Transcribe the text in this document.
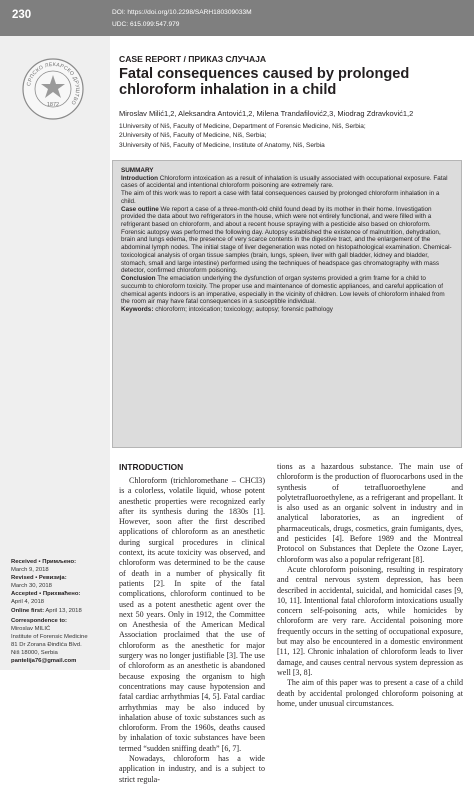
230	DOI: https://doi.org/10.2298/SARH180309033M
UDC: 615.099:547.979
СРПСКО ЛЕКАРСКО ДРУШТВО
1872
Received • Примљено:
March 9, 2018
Revised • Ревизија:
March 30, 2018
Accepted • Прихваћено:
April 4, 2018
Online first: April 13, 2018
Correspondence to:
Miroslav MILIĆ
Institute of Forensic Medicine
81 Dr Zorana Đinđića Blvd.
Niš 18000, Serbia
pantelija76@gmail.com
CASE REPORT / ПРИКАЗ СЛУЧАЈА
Fatal consequences caused by prolonged chloroform inhalation in a child
Miroslav Milić1,2, Aleksandra Antović1,2, Milena Trandafilović2,3, Miodrag Zdravković1,2
1University of Niš, Faculty of Medicine, Department of Forensic Medicine, Niš, Serbia;
2University of Niš, Faculty of Medicine, Niš, Serbia;
3University of Niš, Faculty of Medicine, Institute of Anatomy, Niš, Serbia

SUMMARY

Introduction Chloroform intoxication as a result of inhalation is usually associated with occupational exposure. Fatal cases of accidental and intentional chloroform poisoning are extremely rare.

The aim of this work was to report a case with fatal consequences caused by prolonged chloroform inhalation in a child.

Case outline We report a case of a three-month-old child found dead by its mother in their home. Investigation provided the data about two refrigerators in the house, which were not entirely functional, and were filled with a refrigerant based on chloroform, and about a recent house spraying with a pesticide also based on chloroform. Forensic autopsy was performed the following day. Autopsy established the existence of malnutrition, dehydration, brain and lungs edema, the presence of very scarce contents in the digestive tract, and the enlargement of the abdominal lymph nodes. The initial stage of liver degeneration was noted on histopathological examination. Chemical-toxicological analysis of organ tissue samples (brain, lungs, spleen, liver with gall bladder, kidney and bladder, stomach, small and large intestine) performed using the techniques of headspace gas chromatography with mass detector, confirmed chloroform poisoning.

Conclusion The emaciation underlying the dysfunction of organ systems provided a grim frame for a child to succumb to chloroform toxicity. The proper use and maintenance of domestic appliances, and careful application of chemical agents indoors is an imperative, especially in the vicinity of children. Low levels of chloroform inhaled from the room air may have fatal consequences in a susceptible individual.

Keywords: chloroform; intoxication; toxicology; autopsy; forensic pathology

INTRODUCTION

Chloroform (trichloromethane – CHCl3) is a colorless, volatile liquid, whose potent anesthetic properties were recognized early after its synthesis during the 1830s [1]. However, soon after the first described applications of chloroform as an anesthetic during surgical procedures in clinical context, its acute toxicity was observed, and chloroform was determined to be the cause of death in a number of physically fit patients [2]. In spite of the fatal complications, chloroform continued to be used as a potent anesthetic agent over the next 50 years. Only in 1912, the Committee on Anesthesia of the American Medical Association proclaimed that the use of chloroform as the anesthetic for major surgery was no longer justifiable [3]. The use of chloroform as an anesthetic is abandoned because exposing the organism to high concentrations may cause hypotension and fatal cardiac arrhythmias [4, 5]. Fatal cardiac arrhythmias may be also induced by inhalation abuse of toxic substances such as chloroform. From the 1960s, deaths caused by inhalation of toxic substances have been termed “sudden sniffing death” [6, 7].

Nowadays, chloroform has a wide application in industry, and is a subject to strict regula-

tions as a hazardous substance. The main use of chloroform is the production of fluorocarbons used in the synthesis of tetrafluoroethylene and polytetrafluoroethylene, as a refrigerant and propellant. It is also used as an organic solvent in industry and in analytical laboratories, as an ingredient of pharmaceuticals, drugs, cosmetics, grain fumigants, dyes, and pesticides [4]. Before 1989 and the Montreal Protocol on Substances that Deplete the Ozone Layer, chloroform was also a popular refrigerant [8].

Acute chloroform poisoning, resulting in respiratory and central nervous system depression, has been described in accidental, suicidal, and homicidal cases [9, 10, 11]. Intentional fatal chloroform intoxications usually concern self-poisoning acts, while homicides by chloroform are very rare. Accidental poisoning more frequently occurs in the setting of occupational exposure, but may also be encountered in a domestic environment [11, 12]. Chronic inhalation of chloroform leads to liver damage, and causes central nervous system depression as well [3, 8].

The aim of this paper was to present a case of a child death by accidental prolonged chloroform poisoning at home, under unusual circumstances.
